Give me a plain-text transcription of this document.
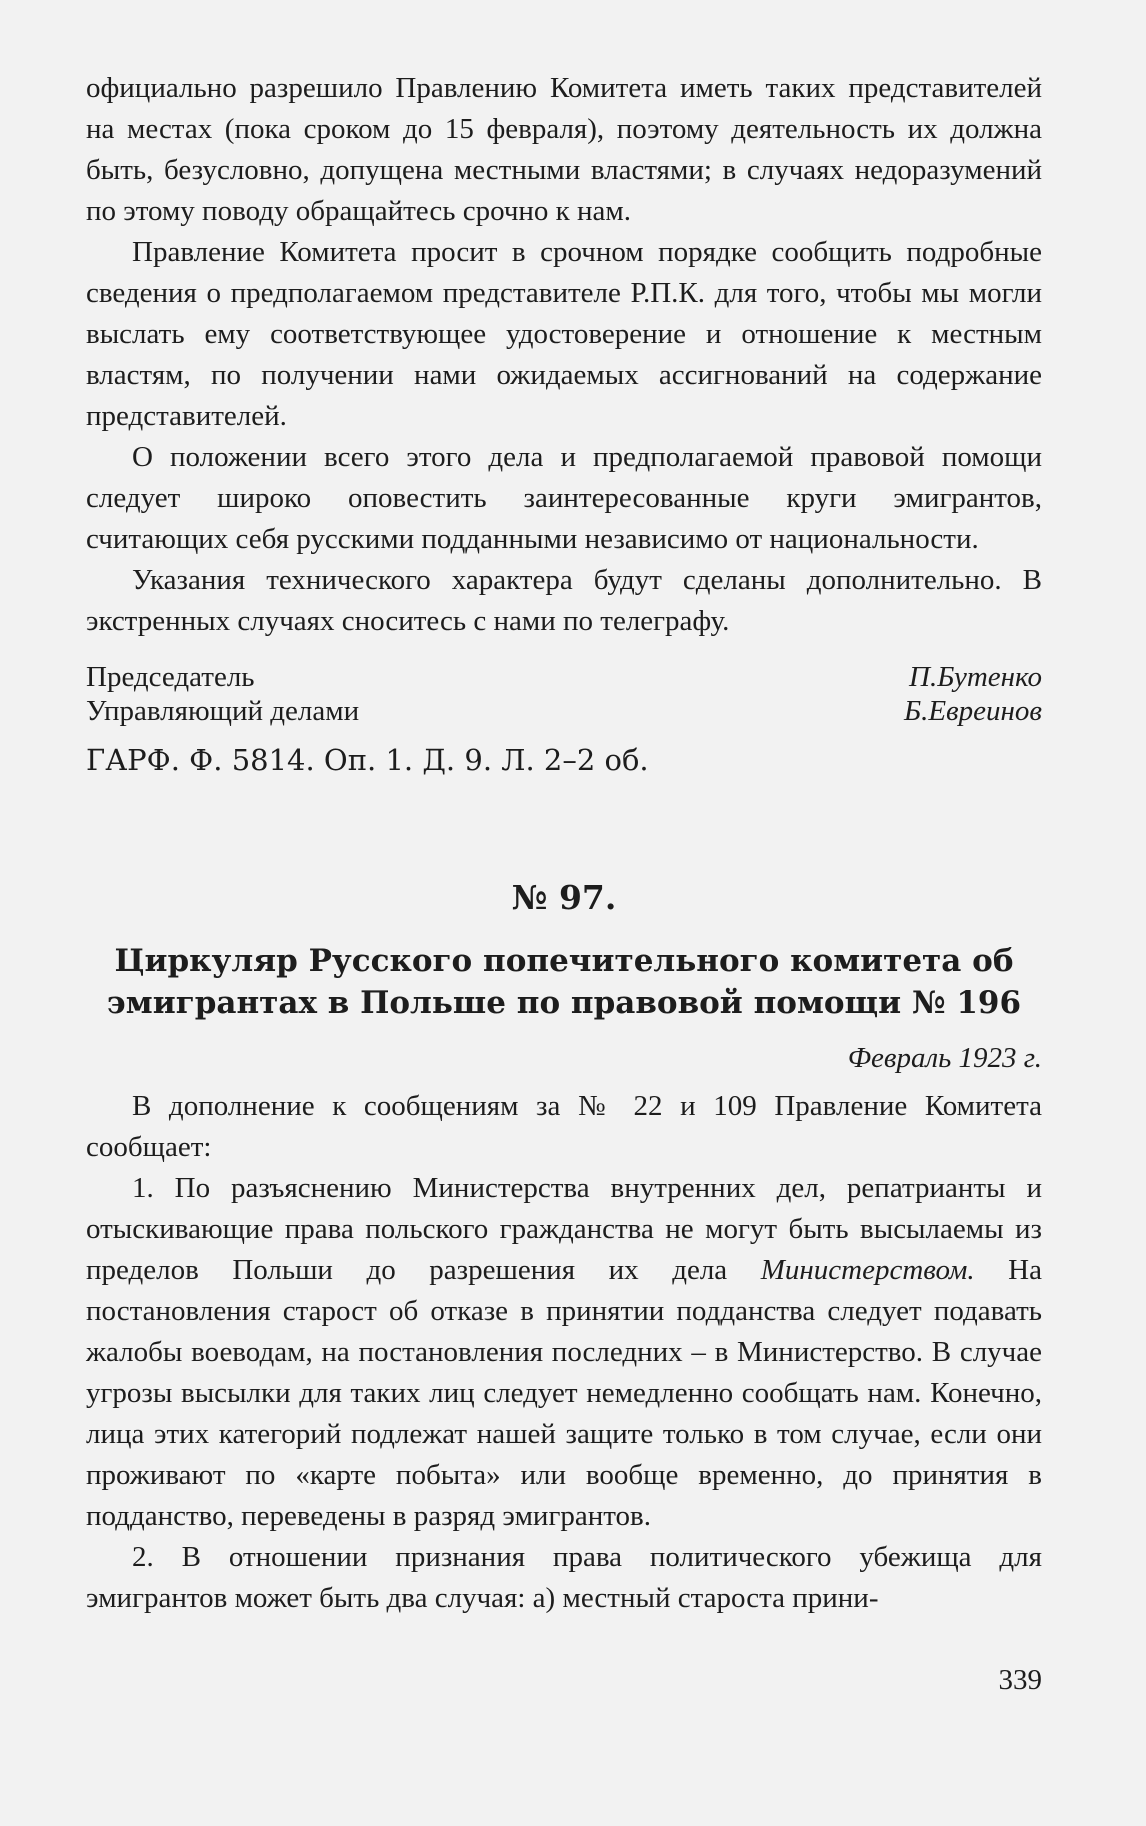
официально разрешило Правлению Комитета иметь таких представителей на местах (пока сроком до 15 февраля), поэтому деятельность их должна быть, безусловно, допущена местными властями; в случаях недоразумений по этому поводу обращайтесь срочно к нам.

Правление Комитета просит в срочном порядке сообщить подробные сведения о предполагаемом представителе Р.П.К. для того, чтобы мы могли выслать ему соответствующее удостоверение и отношение к местным властям, по получении нами ожидаемых ассигнований на содержание представителей.

О положении всего этого дела и предполагаемой правовой помощи следует широко оповестить заинтересованные круги эмигрантов, считающих себя русскими подданными независимо от национальности.

Указания технического характера будут сделаны дополнительно. В экстренных случаях сноситесь с нами по телеграфу.

Председатель	П.Бутенко
Управляющий делами	Б.Евреинов
ГАРФ. Ф. 5814. Оп. 1. Д. 9. Л. 2–2 об.
№ 97.
Циркуляр Русского попечительного комитета об эмигрантах в Польше по правовой помощи № 196
Февраль 1923 г.

В дополнение к сообщениям за № 22 и 109 Правление Комитета сообщает:

1. По разъяснению Министерства внутренних дел, репатрианты и отыскивающие права польского гражданства не могут быть высылаемы из пределов Польши до разрешения их дела Министерством. На постановления старост об отказе в принятии подданства следует подавать жалобы воеводам, на постановления последних – в Министерство. В случае угрозы высылки для таких лиц следует немедленно сообщать нам. Конечно, лица этих категорий подлежат нашей защите только в том случае, если они проживают по «карте побыта» или вообще временно, до принятия в подданство, переведены в разряд эмигрантов.

2. В отношении признания права политического убежища для эмигрантов может быть два случая: а) местный староста прини-

339
